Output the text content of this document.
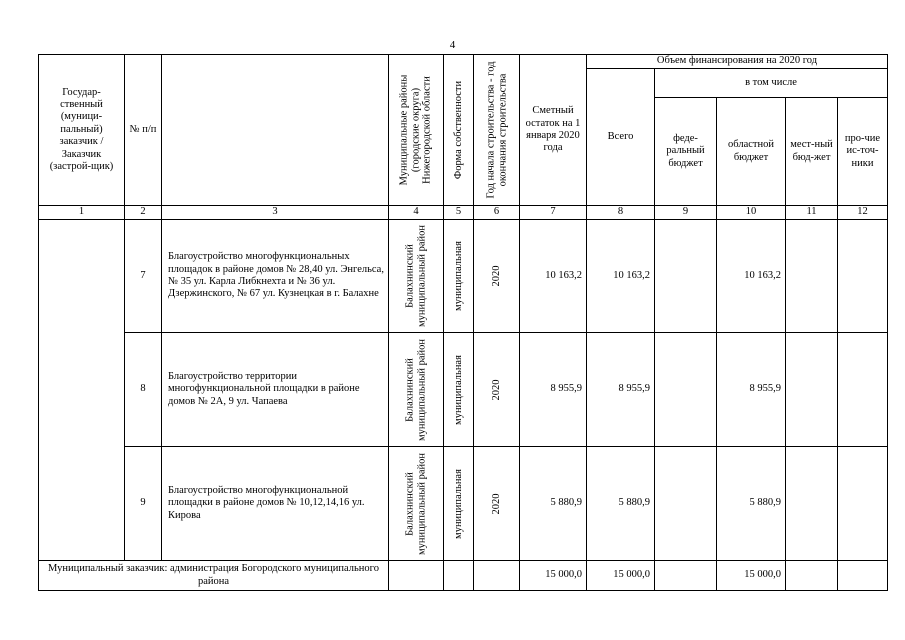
4
Государ-ственный (муници-пальный) заказчик /Заказчик (застрой-щик)	№ п/п		Муниципальные районы (городские округа) Нижегородской области	Форма собственности	Год начала строительства - год окончания строительства	Сметный остаток на 1 января 2020 года	Объем финансирования на 2020 год				
							Всего	в том числе			
								феде-ральный бюджет	областной бюджет	мест-ный бюд-жет	про-чие ис-точ-ники
1	2	3	4	5	6	7	8	9	10	11	12
	7	Благоустройство многофункциональных площадок в районе домов № 28,40 ул. Энгельса, № 35 ул. Карла Либкнехта и № 36 ул. Дзержинского, № 67 ул. Кузнецкая в г. Балахне	Балахнинский муниципальный район	муниципальная	2020	10 163,2	10 163,2		10 163,2		
	8	Благоустройство территории многофункциональной площадки в районе домов № 2А, 9 ул. Чапаева	Балахнинский муниципальный район	муниципальная	2020	8 955,9	8 955,9		8 955,9		
	9	Благоустройство многофункциональной площадки в районе домов № 10,12,14,16 ул. Кирова	Балахнинский муниципальный район	муниципальная	2020	5 880,9	5 880,9		5 880,9		
Муниципальный заказчик: администрация Богородского муниципального района						15 000,0	15 000,0		15 000,0		
